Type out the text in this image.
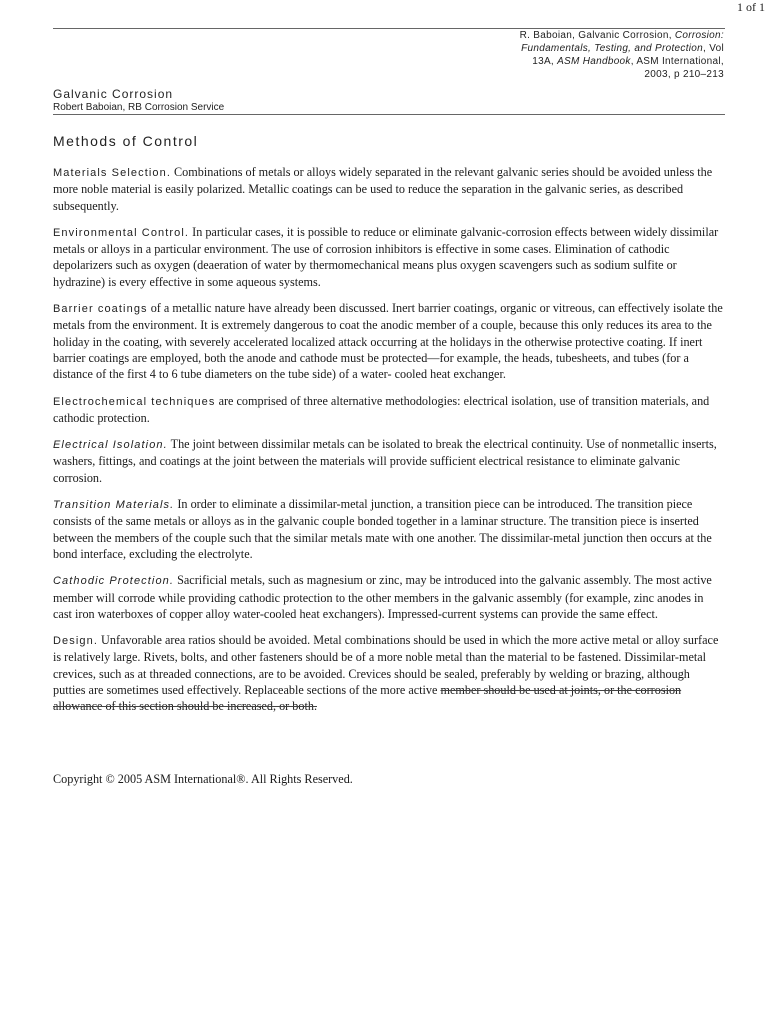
1 of 1
R. Baboian, Galvanic Corrosion, Corrosion:
Fundamentals, Testing, and Protection, Vol
13A, ASM Handbook, ASM International,
2003, p 210–213
Galvanic Corrosion
Robert Baboian, RB Corrosion Service
Methods of Control

Materials Selection. Combinations of metals or alloys widely separated in the relevant galvanic series should be avoided unless the more noble material is easily polarized. Metallic coatings can be used to reduce the separation in the galvanic series, as described subsequently.

Environmental Control. In particular cases, it is possible to reduce or eliminate galvanic-corrosion effects between widely dissimilar metals or alloys in a particular environment. The use of corrosion inhibitors is effective in some cases. Elimination of cathodic depolarizers such as oxygen (deaeration of water by thermomechanical means plus oxygen scavengers such as sodium sulfite or hydrazine) is every effective in some aqueous systems.

Barrier coatings of a metallic nature have already been discussed. Inert barrier coatings, organic or vitreous, can effectively isolate the metals from the environment. It is extremely dangerous to coat the anodic member of a couple, because this only reduces its area to the holiday in the coating, with severely accelerated localized attack occurring at the holidays in the otherwise protective coating. If inert barrier coatings are employed, both the anode and cathode must be protected—for example, the heads, tubesheets, and tubes (for a distance of the first 4 to 6 tube diameters on the tube side) of a water- cooled heat exchanger.

Electrochemical techniques are comprised of three alternative methodologies: electrical isolation, use of transition materials, and cathodic protection.

Electrical Isolation. The joint between dissimilar metals can be isolated to break the electrical continuity. Use of nonmetallic inserts, washers, fittings, and coatings at the joint between the materials will provide sufficient electrical resistance to eliminate galvanic corrosion.

Transition Materials. In order to eliminate a dissimilar-metal junction, a transition piece can be introduced. The transition piece consists of the same metals or alloys as in the galvanic couple bonded together in a laminar structure. The transition piece is inserted between the members of the couple such that the similar metals mate with one another. The dissimilar-metal junction then occurs at the bond interface, excluding the electrolyte.

Cathodic Protection. Sacrificial metals, such as magnesium or zinc, may be introduced into the galvanic assembly. The most active member will corrode while providing cathodic protection to the other members in the galvanic assembly (for example, zinc anodes in cast iron waterboxes of copper alloy water-cooled heat exchangers). Impressed-current systems can provide the same effect.

Design. Unfavorable area ratios should be avoided. Metal combinations should be used in which the more active metal or alloy surface is relatively large. Rivets, bolts, and other fasteners should be of a more noble metal than the material to be fastened. Dissimilar-metal crevices, such as at threaded connections, are to be avoided. Crevices should be sealed, preferably by welding or brazing, although putties are sometimes used effectively. Replaceable sections of the more active member should be used at joints, or the corrosion allowance of this section should be increased, or both.

Copyright © 2005 ASM International®. All Rights Reserved.
